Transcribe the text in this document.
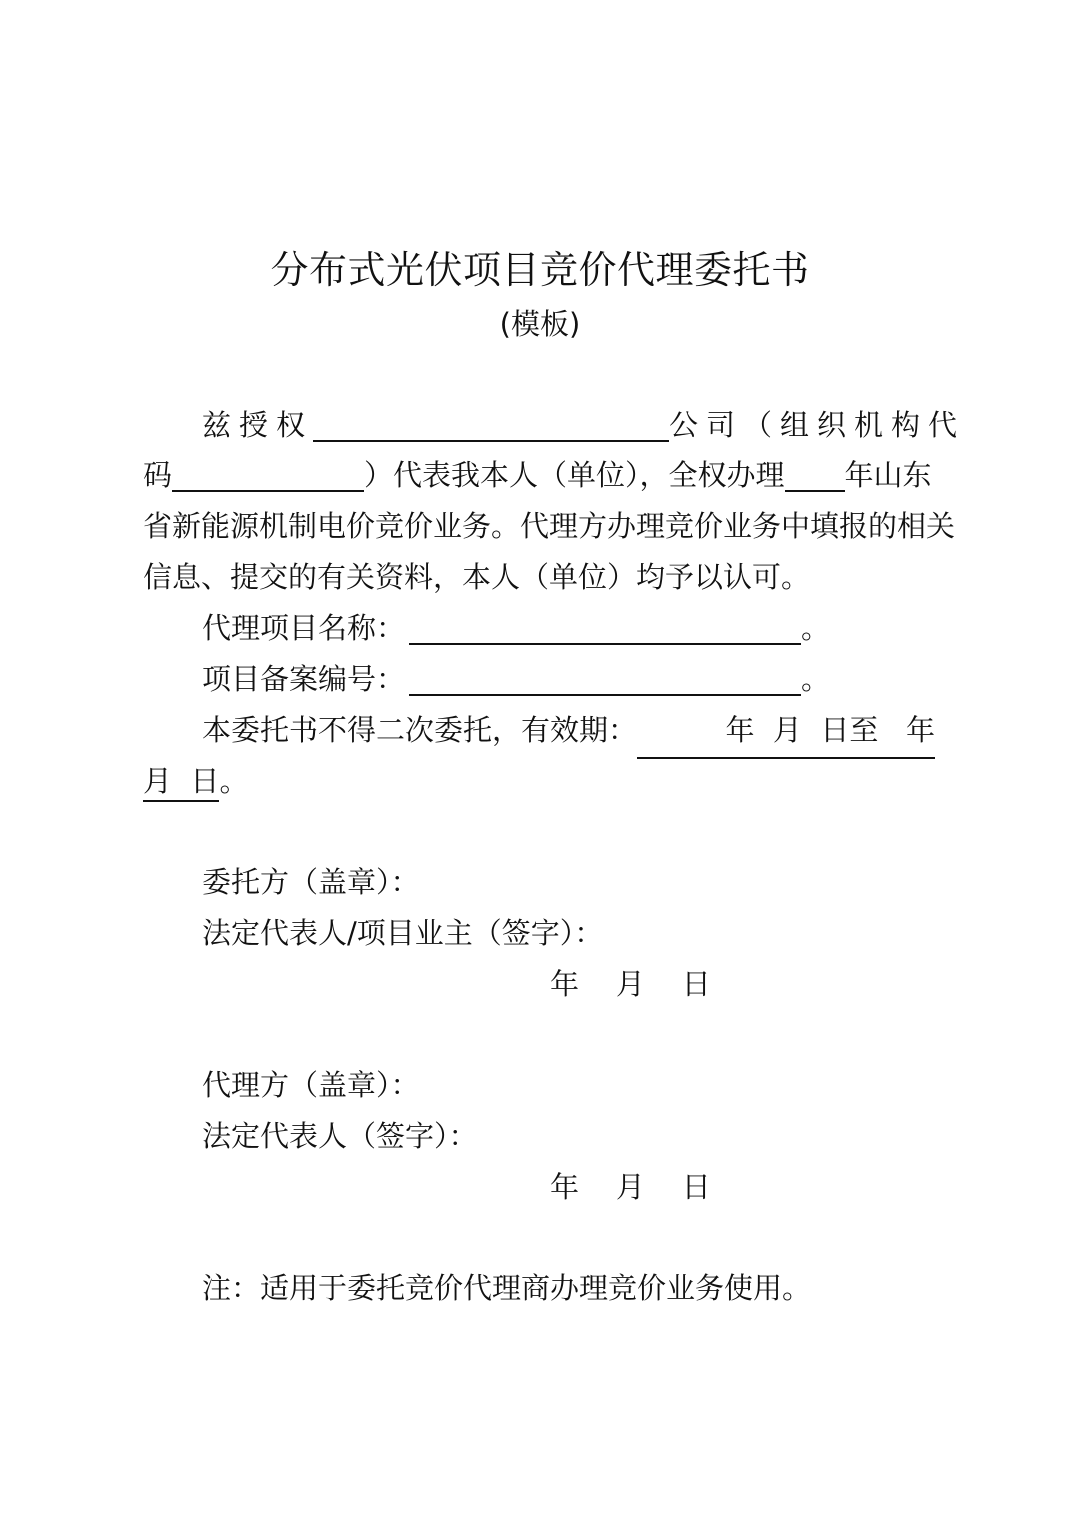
分布式光伏项目竞价代理委托书
(模板)
兹授权	公司（组织机构代
码	）代表我本人（单位），全权办理 年山东
省新能源机制电价竞价业务。代理方办理竞价业务中填报的相关
信息、提交的有关资料，本人（单位）均予以认可。
代理项目名称：	。
项目备案编号：	。
本委托书不得二次委托，有效期：	年  月  日至   年
月  日。
委托方（盖章）：
法定代表人/项目业主（签字）：
年    月    日
代理方（盖章）：
法定代表人（签字）：
年    月    日
注：适用于委托竞价代理商办理竞价业务使用。
